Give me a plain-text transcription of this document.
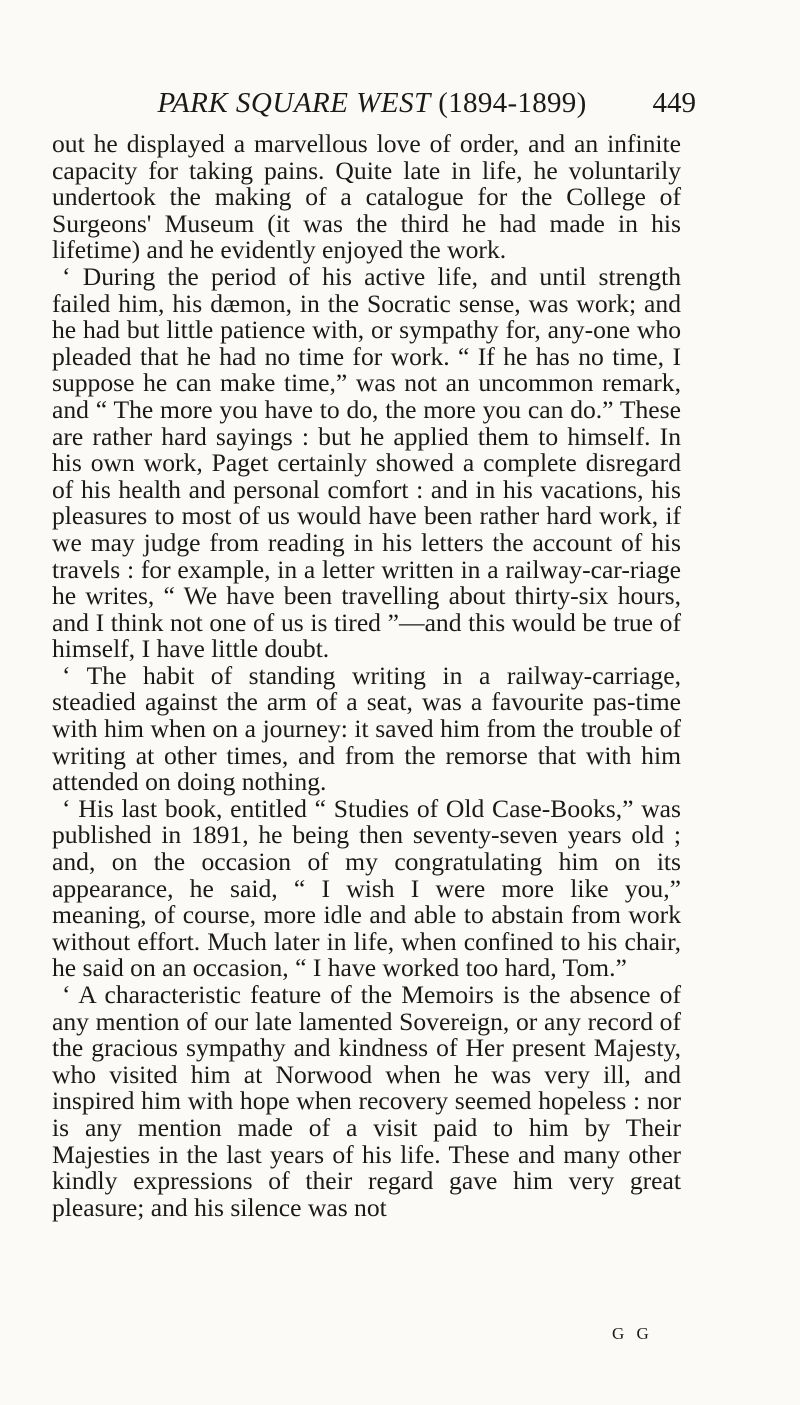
PARK SQUARE WEST (1894-1899)	449

out he displayed a marvellous love of order, and an infinite capacity for taking pains. Quite late in life, he voluntarily undertook the making of a catalogue for the College of Surgeons' Museum (it was the third he had made in his lifetime) and he evidently enjoyed the work.

‘ During the period of his active life, and until strength failed him, his dæmon, in the Socratic sense, was work; and he had but little patience with, or sympathy for, any-one who pleaded that he had no time for work. “ If he has no time, I suppose he can make time,” was not an uncommon remark, and “ The more you have to do, the more you can do.” These are rather hard sayings : but he applied them to himself. In his own work, Paget certainly showed a complete disregard of his health and personal comfort : and in his vacations, his pleasures to most of us would have been rather hard work, if we may judge from reading in his letters the account of his travels : for example, in a letter written in a railway-car-riage he writes, “ We have been travelling about thirty-six hours, and I think not one of us is tired ”—and this would be true of himself, I have little doubt.

‘ The habit of standing writing in a railway-carriage, steadied against the arm of a seat, was a favourite pas-time with him when on a journey: it saved him from the trouble of writing at other times, and from the remorse that with him attended on doing nothing.

‘ His last book, entitled “ Studies of Old Case-Books,” was published in 1891, he being then seventy-seven years old ; and, on the occasion of my congratulating him on its appearance, he said, “ I wish I were more like you,” meaning, of course, more idle and able to abstain from work without effort. Much later in life, when confined to his chair, he said on an occasion, “ I have worked too hard, Tom.”

‘ A characteristic feature of the Memoirs is the absence of any mention of our late lamented Sovereign, or any record of the gracious sympathy and kindness of Her present Majesty, who visited him at Norwood when he was very ill, and inspired him with hope when recovery seemed hopeless : nor is any mention made of a visit paid to him by Their Majesties in the last years of his life. These and many other kindly expressions of their regard gave him very great pleasure; and his silence was not

G G
